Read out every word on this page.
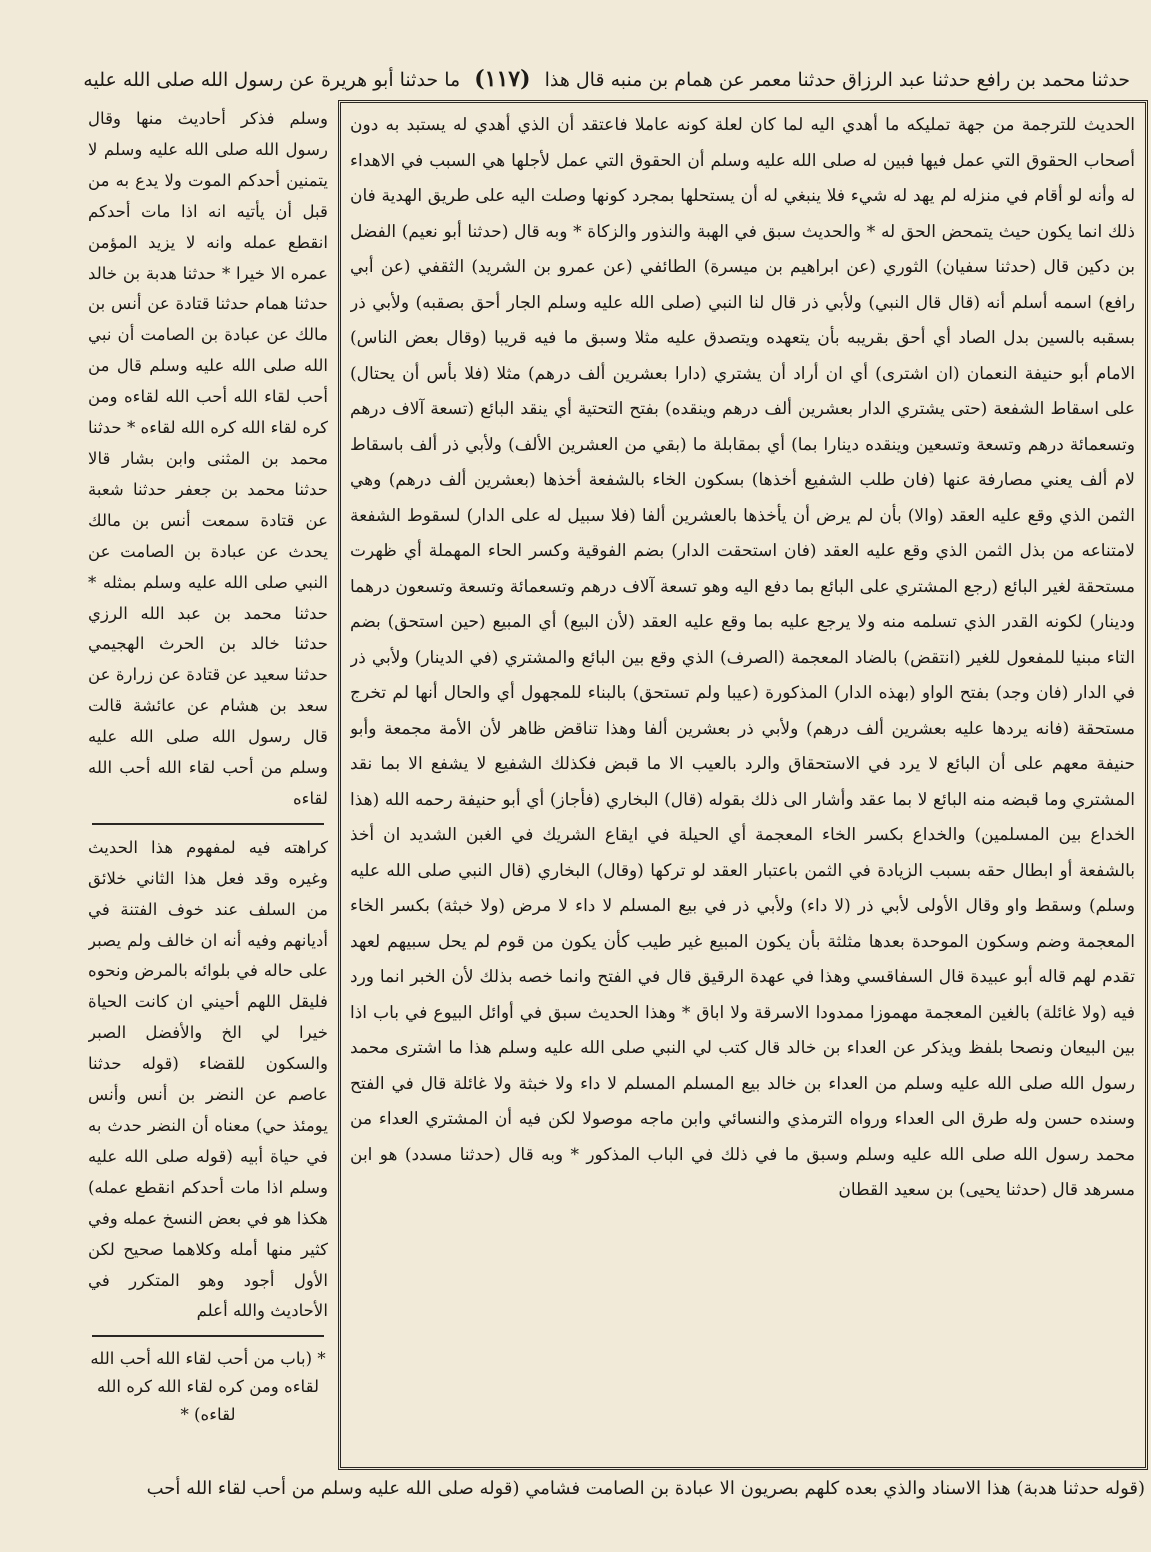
حدثنا محمد بن رافع حدثنا عبد الرزاق حدثنا معمر عن همام بن منبه قال هذا (١١٧) ما حدثنا أبو هريرة عن رسول الله صلى الله عليه

وسلم فذكر أحاديث منها وقال رسول الله صلى الله عليه وسلم لا يتمنين أحدكم الموت ولا يدع به من قبل أن يأتيه انه اذا مات أحدكم انقطع عمله وانه لا يزيد المؤمن عمره الا خيرا * حدثنا هدبة بن خالد حدثنا همام حدثنا قتادة عن أنس بن مالك عن عبادة بن الصامت أن نبي الله صلى الله عليه وسلم قال من أحب لقاء الله أحب الله لقاءه ومن كره لقاء الله كره الله لقاءه * حدثنا محمد بن المثنى وابن بشار قالا حدثنا محمد بن جعفر حدثنا شعبة عن قتادة سمعت أنس بن مالك يحدث عن عبادة بن الصامت عن النبي صلى الله عليه وسلم بمثله * حدثنا محمد بن عبد الله الرزي حدثنا خالد بن الحرث الهجيمي حدثنا سعيد عن قتادة عن زرارة عن سعد بن هشام عن عائشة قالت قال رسول الله صلى الله عليه وسلم من أحب لقاء الله أحب الله لقاءه

كراهته فيه لمفهوم هذا الحديث وغيره وقد فعل هذا الثاني خلائق من السلف عند خوف الفتنة في أديانهم وفيه أنه ان خالف ولم يصبر على حاله في بلوائه بالمرض ونحوه فليقل اللهم أحيني ان كانت الحياة خيرا لي الخ والأفضل الصبر والسكون للقضاء (قوله حدثنا عاصم عن النضر بن أنس وأنس يومئذ حي) معناه أن النضر حدث به في حياة أبيه (قوله صلى الله عليه وسلم اذا مات أحدكم انقطع عمله) هكذا هو في بعض النسخ عمله وفي كثير منها أمله وكلاهما صحيح لكن الأول أجود وهو المتكرر في الأحاديث والله أعلم

* (باب من أحب لقاء الله أحب الله لقاءه ومن كره لقاء الله كره الله لقاءه) *

الحديث للترجمة من جهة تمليكه ما أهدي اليه لما كان لعلة كونه عاملا فاعتقد أن الذي أهدي له يستبد به دون أصحاب الحقوق التي عمل فيها فبين له صلى الله عليه وسلم أن الحقوق التي عمل لأجلها هي السبب في الاهداء له وأنه لو أقام في منزله لم يهد له شيء فلا ينبغي له أن يستحلها بمجرد كونها وصلت اليه على طريق الهدية فان ذلك انما يكون حيث يتمحض الحق له * والحديث سبق في الهبة والنذور والزكاة * وبه قال (حدثنا أبو نعيم) الفضل بن دكين قال (حدثنا سفيان) الثوري (عن ابراهيم بن ميسرة) الطائفي (عن عمرو بن الشريد) الثقفي (عن أبي رافع) اسمه أسلم أنه (قال قال النبي) ولأبي ذر قال لنا النبي (صلى الله عليه وسلم الجار أحق بصقبه) ولأبي ذر بسقبه بالسين بدل الصاد أي أحق بقريبه بأن يتعهده ويتصدق عليه مثلا وسبق ما فيه قريبا (وقال بعض الناس) الامام أبو حنيفة النعمان (ان اشترى) أي ان أراد أن يشتري (دارا بعشرين ألف درهم) مثلا (فلا بأس أن يحتال) على اسقاط الشفعة (حتى يشتري الدار بعشرين ألف درهم وينقده) بفتح التحتية أي ينقد البائع (تسعة آلاف درهم وتسعمائة درهم وتسعة وتسعين وينقده دينارا بما) أي بمقابلة ما (بقي من العشرين الألف) ولأبي ذر ألف باسقاط لام ألف يعني مصارفة عنها (فان طلب الشفيع أخذها) بسكون الخاء بالشفعة أخذها (بعشرين ألف درهم) وهي الثمن الذي وقع عليه العقد (والا) بأن لم يرض أن يأخذها بالعشرين ألفا (فلا سبيل له على الدار) لسقوط الشفعة لامتناعه من بذل الثمن الذي وقع عليه العقد (فان استحقت الدار) بضم الفوقية وكسر الحاء المهملة أي ظهرت مستحقة لغير البائع (رجع المشتري على البائع بما دفع اليه وهو تسعة آلاف درهم وتسعمائة وتسعة وتسعون درهما ودينار) لكونه القدر الذي تسلمه منه ولا يرجع عليه بما وقع عليه العقد (لأن البيع) أي المبيع (حين استحق) بضم التاء مبنيا للمفعول للغير (انتقض) بالضاد المعجمة (الصرف) الذي وقع بين البائع والمشتري (في الدينار) ولأبي ذر في الدار (فان وجد) بفتح الواو (بهذه الدار) المذكورة (عيبا ولم تستحق) بالبناء للمجهول أي والحال أنها لم تخرج مستحقة (فانه يردها عليه بعشرين ألف درهم) ولأبي ذر بعشرين ألفا وهذا تناقض ظاهر لأن الأمة مجمعة وأبو حنيفة معهم على أن البائع لا يرد في الاستحقاق والرد بالعيب الا ما قبض فكذلك الشفيع لا يشفع الا بما نقد المشتري وما قبضه منه البائع لا بما عقد وأشار الى ذلك بقوله (قال) البخاري (فأجاز) أي أبو حنيفة رحمه الله (هذا الخداع بين المسلمين) والخداع بكسر الخاء المعجمة أي الحيلة في ايقاع الشريك في الغبن الشديد ان أخذ بالشفعة أو ابطال حقه بسبب الزيادة في الثمن باعتبار العقد لو تركها (وقال) البخاري (قال النبي صلى الله عليه وسلم) وسقط واو وقال الأولى لأبي ذر (لا داء) ولأبي ذر في بيع المسلم لا داء لا مرض (ولا خبثة) بكسر الخاء المعجمة وضم وسكون الموحدة بعدها مثلثة بأن يكون المبيع غير طيب كأن يكون من قوم لم يحل سبيهم لعهد تقدم لهم قاله أبو عبيدة قال السفاقسي وهذا في عهدة الرقيق قال في الفتح وانما خصه بذلك لأن الخبر انما ورد فيه (ولا غائلة) بالغين المعجمة مهموزا ممدودا الاسرقة ولا اباق * وهذا الحديث سبق في أوائل البيوع في باب اذا بين البيعان ونصحا بلفظ ويذكر عن العداء بن خالد قال كتب لي النبي صلى الله عليه وسلم هذا ما اشترى محمد رسول الله صلى الله عليه وسلم من العداء بن خالد بيع المسلم المسلم لا داء ولا خبثة ولا غائلة قال في الفتح وسنده حسن وله طرق الى العداء ورواه الترمذي والنسائي وابن ماجه موصولا لكن فيه أن المشتري العداء من محمد رسول الله صلى الله عليه وسلم وسبق ما في ذلك في الباب المذكور * وبه قال (حدثنا مسدد) هو ابن مسرهد قال (حدثنا يحيى) بن سعيد القطان

(قوله حدثنا هدبة) هذا الاسناد والذي بعده كلهم بصريون الا عبادة بن الصامت فشامي (قوله صلى الله عليه وسلم من أحب لقاء الله أحب
